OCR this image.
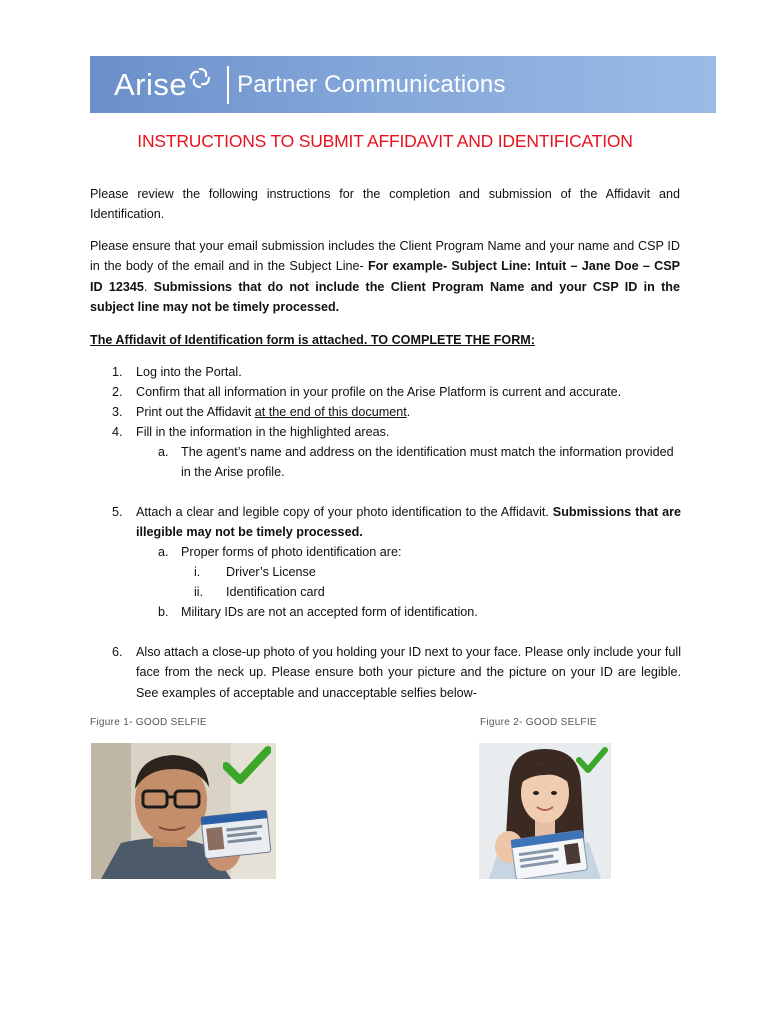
Arise Partner Communications
INSTRUCTIONS TO SUBMIT AFFIDAVIT AND IDENTIFICATION
Please review the following instructions for the completion and submission of the Affidavit and Identification.
Please ensure that your email submission includes the Client Program Name and your name and CSP ID in the body of the email and in the Subject Line- For example- Subject Line: Intuit – Jane Doe – CSP ID 12345. Submissions that do not include the Client Program Name and your CSP ID in the subject line may not be timely processed.
The Affidavit of Identification form is attached. TO COMPLETE THE FORM:
1. Log into the Portal.
2. Confirm that all information in your profile on the Arise Platform is current and accurate.
3. Print out the Affidavit at the end of this document.
4. Fill in the information in the highlighted areas.
a. The agent’s name and address on the identification must match the information provided in the Arise profile.
5. Attach a clear and legible copy of your photo identification to the Affidavit. Submissions that are illegible may not be timely processed.
a. Proper forms of photo identification are:
i. Driver’s License
ii. Identification card
b. Military IDs are not an accepted form of identification.
6. Also attach a close-up photo of you holding your ID next to your face. Please only include your full face from the neck up. Please ensure both your picture and the picture on your ID are legible. See examples of acceptable and unacceptable selfies below-
Figure 1- GOOD SELFIE	Figure 2- GOOD SELFIE
